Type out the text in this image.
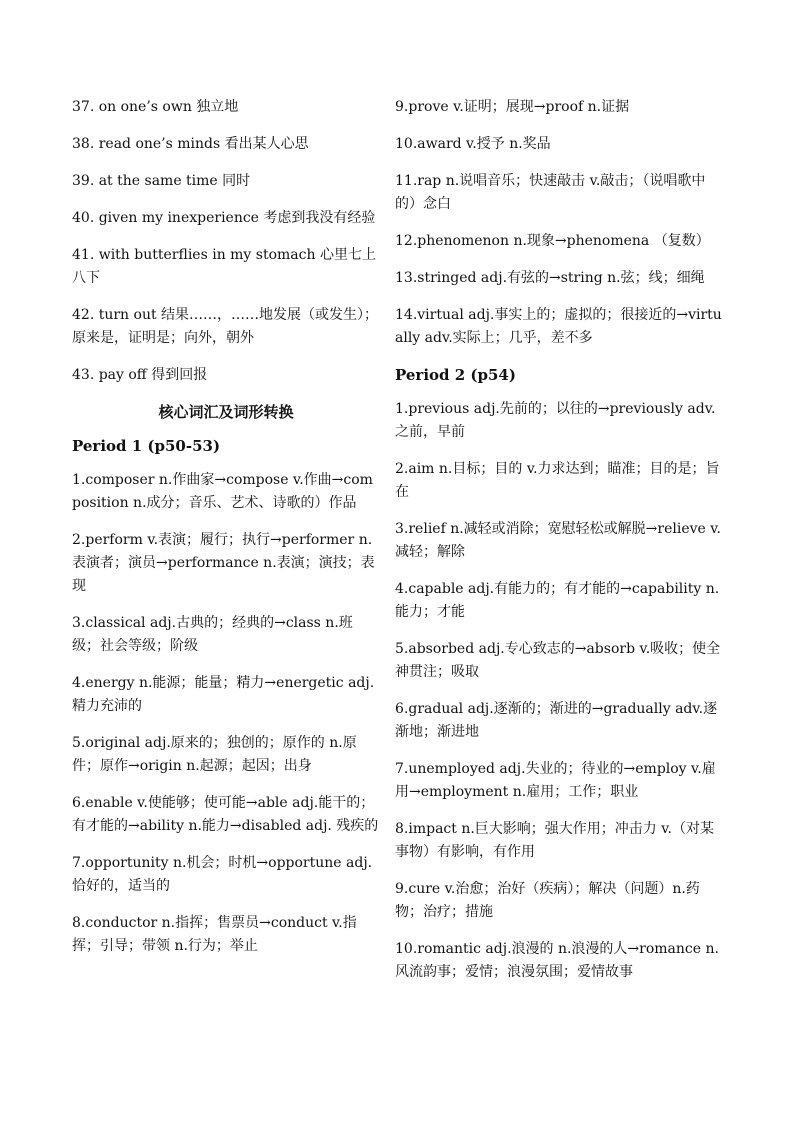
37. on one’s own 独立地
38. read one’s minds 看出某人心思
39. at the same time 同时
40. given my inexperience 考虑到我没有经验
41. with butterflies in my stomach 心里七上八下
42. turn out 结果……，……地发展（或发生）；原来是，证明是；向外，朝外
43. pay off 得到回报
核心词汇及词形转换
Period 1 (p50-53)
1.composer n.作曲家→compose v.作曲→composition n.成分；音乐、艺术、诗歌的）作品
2.perform v.表演；履行；执行→performer n.表演者；演员→performance n.表演；演技；表现
3.classical adj.古典的；经典的→class n.班级；社会等级；阶级
4.energy n.能源；能量；精力→energetic adj.精力充沛的
5.original adj.原来的；独创的；原作的 n.原件；原作→origin n.起源；起因；出身
6.enable v.使能够；使可能→able adj.能干的；有才能的→ability n.能力→disabled adj. 残疾的
7.opportunity n.机会；时机→opportune adj. 恰好的，适当的
8.conductor n.指挥；售票员→conduct v.指挥；引导；带领 n.行为；举止
9.prove v.证明；展现→proof n.证据
10.award v.授予 n.奖品
11.rap n.说唱音乐；快速敲击 v.敲击；（说唱歌中的）念白
12.phenomenon n.现象→phenomena （复数）
13.stringed adj.有弦的→string n.弦；线；细绳
14.virtual adj.事实上的；虚拟的；很接近的→virtually adv.实际上；几乎，差不多
Period 2 (p54)
1.previous adj.先前的；以往的→previously adv.之前，早前
2.aim n.目标；目的 v.力求达到；瞄准；目的是；旨在
3.relief n.减轻或消除；宽慰轻松或解脱→relieve v.减轻；解除
4.capable adj.有能力的；有才能的→capability n.能力；才能
5.absorbed adj.专心致志的→absorb v.吸收；使全神贯注；吸取
6.gradual adj.逐渐的；渐进的→gradually adv.逐渐地；渐进地
7.unemployed adj.失业的；待业的→employ v.雇用→employment n.雇用；工作；职业
8.impact n.巨大影响；强大作用；冲击力 v.（对某事物）有影响，有作用
9.cure v.治愈；治好（疾病）；解决（问题）n.药物；治疗；措施
10.romantic adj.浪漫的 n.浪漫的人→romance n.风流韵事；爱情；浪漫氛围；爱情故事
